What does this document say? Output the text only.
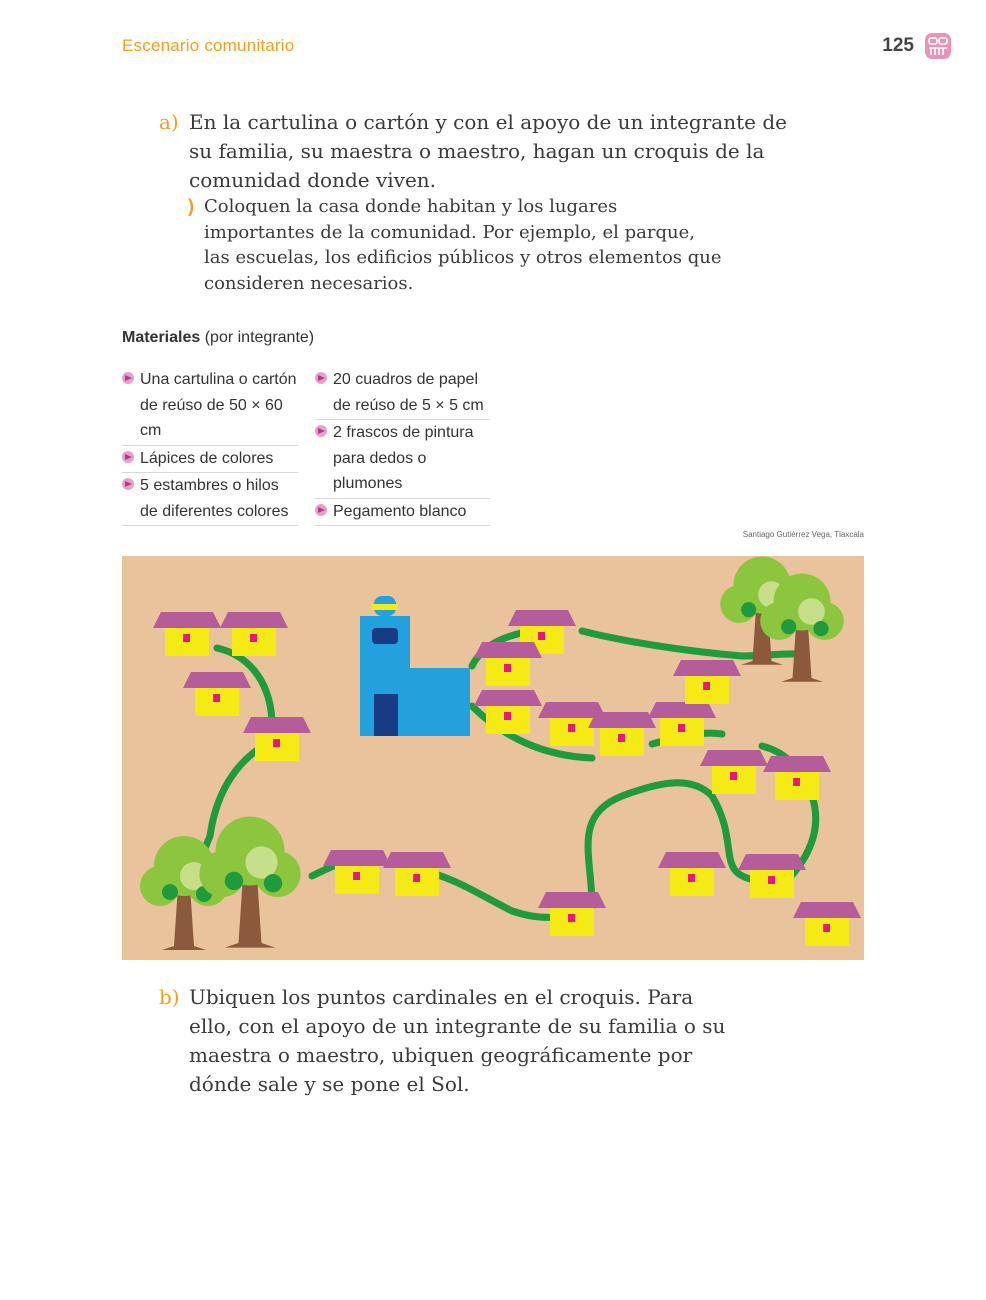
Escenario comunitario	125
a) En la cartulina o cartón y con el apoyo de un integrante de su familia, su maestra o maestro, hagan un croquis de la comunidad donde viven.
) Coloquen la casa donde habitan y los lugares importantes de la comunidad. Por ejemplo, el parque, las escuelas, los edificios públicos y otros elementos que consideren necesarios.
Materiales (por integrante)
Una cartulina o cartón de reúso de 50 × 60 cm
Lápices de colores
5 estambres o hilos de diferentes colores
20 cuadros de papel de reúso de 5 × 5 cm
2 frascos de pintura para dedos o plumones
Pegamento blanco
Santiago Gutiérrez Vega, Tlaxcala
b) Ubiquen los puntos cardinales en el croquis. Para ello, con el apoyo de un integrante de su familia o su maestra o maestro, ubiquen geográficamente por dónde sale y se pone el Sol.
